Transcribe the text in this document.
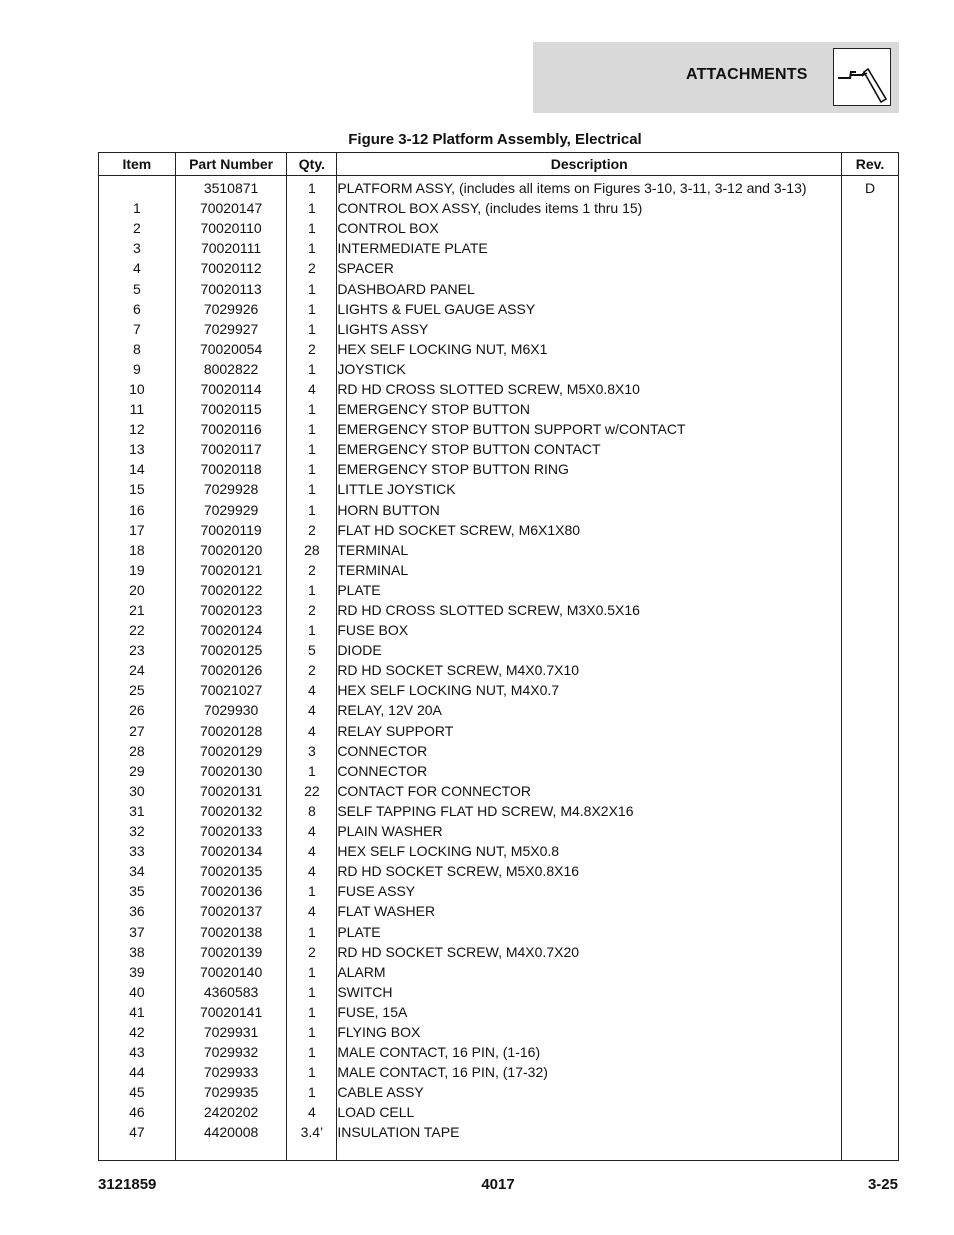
ATTACHMENTS
Figure 3-12 Platform Assembly, Electrical
Item	Part Number	Qty.	Description	Rev.
	3510871	1	PLATFORM ASSY, (includes all items on Figures 3-10, 3-11, 3-12 and 3-13)	D
1	70020147	1	CONTROL BOX ASSY, (includes items 1 thru 15)	
2	70020110	1	CONTROL BOX	
3	70020111	1	INTERMEDIATE PLATE	
4	70020112	2	SPACER	
5	70020113	1	DASHBOARD PANEL	
6	7029926	1	LIGHTS & FUEL GAUGE ASSY	
7	7029927	1	LIGHTS ASSY	
8	70020054	2	HEX SELF LOCKING NUT, M6X1	
9	8002822	1	JOYSTICK	
10	70020114	4	RD HD CROSS SLOTTED SCREW, M5X0.8X10	
11	70020115	1	EMERGENCY STOP BUTTON	
12	70020116	1	EMERGENCY STOP BUTTON SUPPORT w/CONTACT	
13	70020117	1	EMERGENCY STOP BUTTON CONTACT	
14	70020118	1	EMERGENCY STOP BUTTON RING	
15	7029928	1	LITTLE JOYSTICK	
16	7029929	1	HORN BUTTON	
17	70020119	2	FLAT HD SOCKET SCREW, M6X1X80	
18	70020120	28	TERMINAL	
19	70020121	2	TERMINAL	
20	70020122	1	PLATE	
21	70020123	2	RD HD CROSS SLOTTED SCREW, M3X0.5X16	
22	70020124	1	FUSE BOX	
23	70020125	5	DIODE	
24	70020126	2	RD HD SOCKET SCREW, M4X0.7X10	
25	70021027	4	HEX SELF LOCKING NUT, M4X0.7	
26	7029930	4	RELAY, 12V 20A	
27	70020128	4	RELAY SUPPORT	
28	70020129	3	CONNECTOR	
29	70020130	1	CONNECTOR	
30	70020131	22	CONTACT FOR CONNECTOR	
31	70020132	8	SELF TAPPING FLAT HD SCREW, M4.8X2X16	
32	70020133	4	PLAIN WASHER	
33	70020134	4	HEX SELF LOCKING NUT, M5X0.8	
34	70020135	4	RD HD SOCKET SCREW, M5X0.8X16	
35	70020136	1	FUSE ASSY	
36	70020137	4	FLAT WASHER	
37	70020138	1	PLATE	
38	70020139	2	RD HD SOCKET SCREW, M4X0.7X20	
39	70020140	1	ALARM	
40	4360583	1	SWITCH	
41	70020141	1	FUSE, 15A	
42	7029931	1	FLYING BOX	
43	7029932	1	MALE CONTACT, 16 PIN, (1-16)	
44	7029933	1	MALE CONTACT, 16 PIN, (17-32)	
45	7029935	1	CABLE ASSY	
46	2420202	4	LOAD CELL	
47	4420008	3.4’	INSULATION TAPE	

3121859	4017	3-25
